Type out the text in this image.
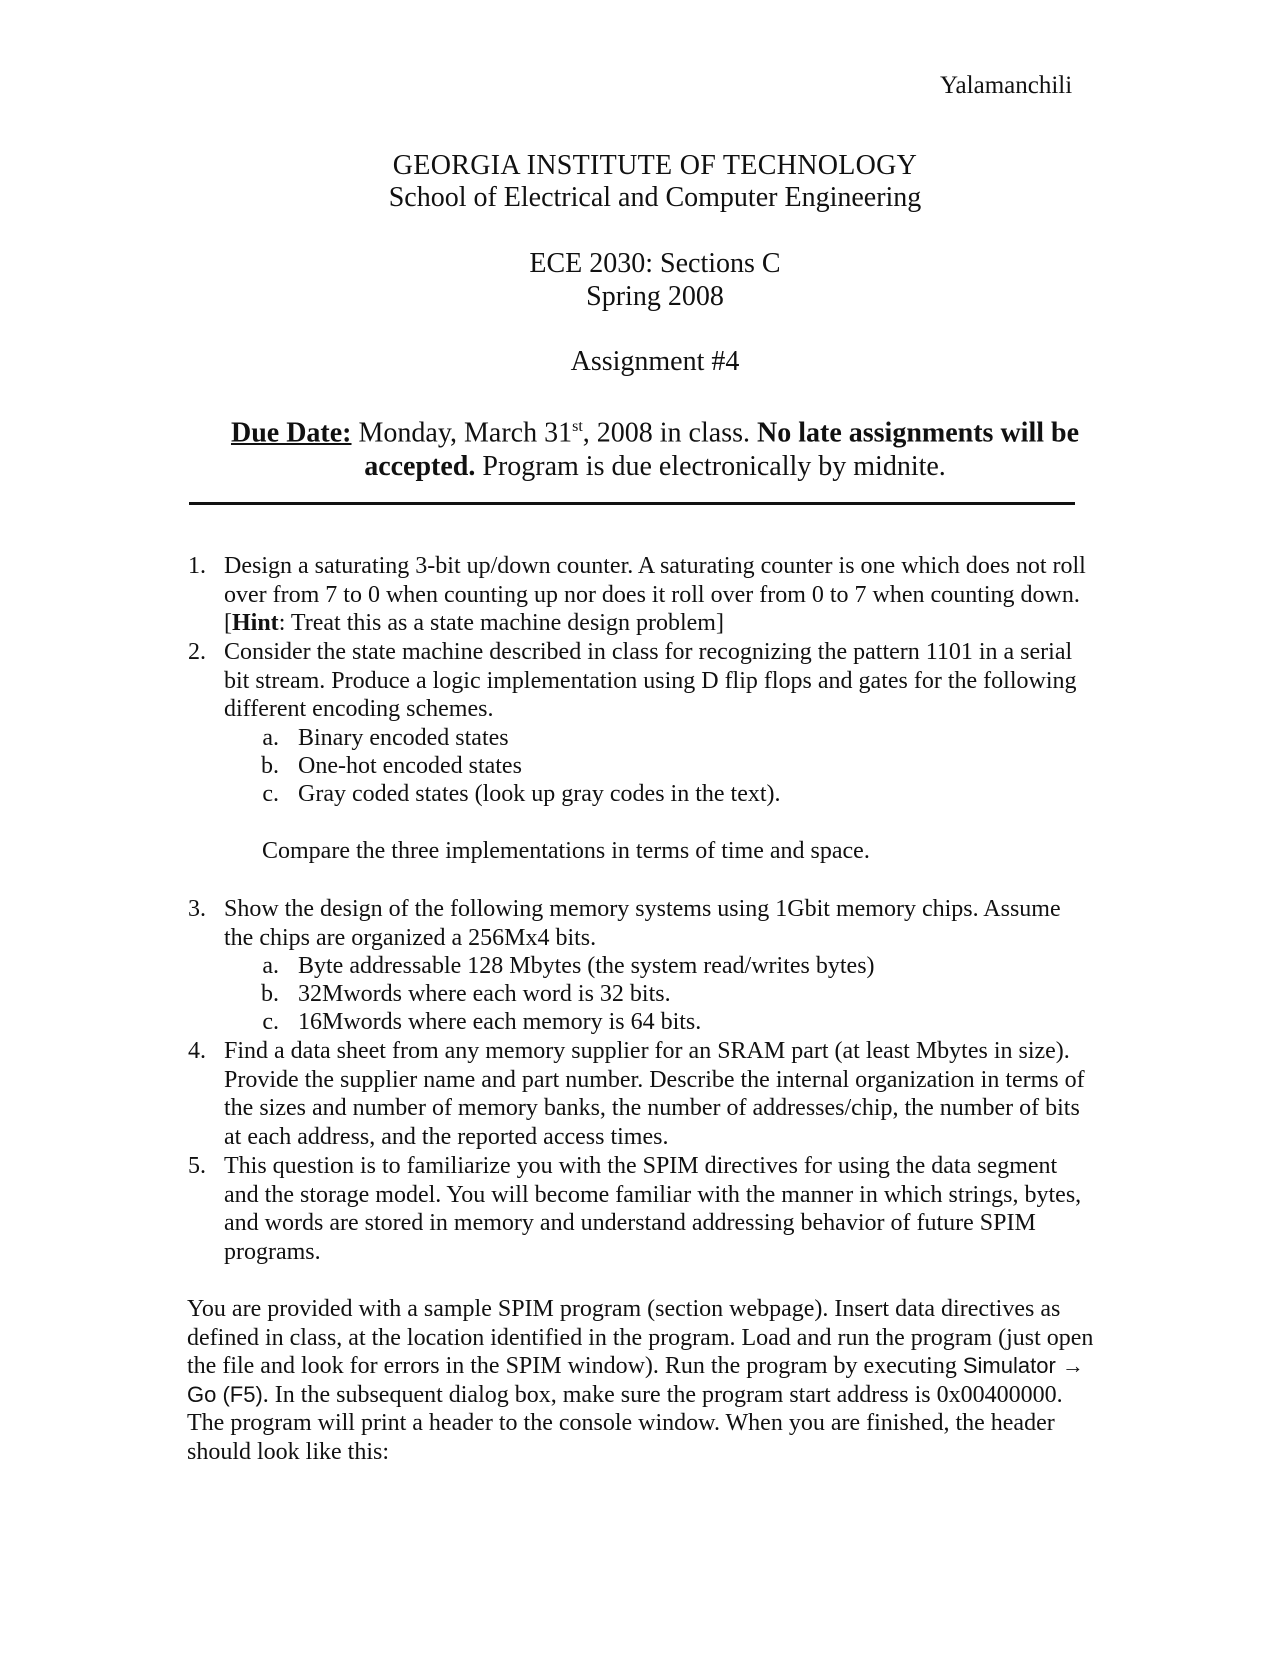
Yalamanchili
GEORGIA INSTITUTE OF TECHNOLOGY
School of Electrical and Computer Engineering
ECE 2030: Sections C
Spring 2008
Assignment #4
Due Date: Monday, March 31st, 2008 in class. No late assignments will be
accepted. Program is due electronically by midnite.
1. Design a saturating 3-bit up/down counter. A saturating counter is one which does not roll
over from 7 to 0 when counting up nor does it roll over from 0 to 7 when counting down.
[Hint: Treat this as a state machine design problem]
2. Consider the state machine described in class for recognizing the pattern 1101 in a serial
bit stream. Produce a logic implementation using D flip flops and gates for the following
different encoding schemes.
a. Binary encoded states
b. One-hot encoded states
c. Gray coded states (look up gray codes in the text).
Compare the three implementations in terms of time and space.
3. Show the design of the following memory systems using 1Gbit memory chips. Assume
the chips are organized a 256Mx4 bits.
a. Byte addressable 128 Mbytes (the system read/writes bytes)
b. 32Mwords where each word is 32 bits.
c. 16Mwords where each memory is 64 bits.
4. Find a data sheet from any memory supplier for an SRAM part (at least Mbytes in size).
Provide the supplier name and part number. Describe the internal organization in terms of
the sizes and number of memory banks, the number of addresses/chip, the number of bits
at each address, and the reported access times.
5. This question is to familiarize you with the SPIM directives for using the data segment
and the storage model. You will become familiar with the manner in which strings, bytes,
and words are stored in memory and understand addressing behavior of future SPIM
programs.
You are provided with a sample SPIM program (section webpage). Insert data directives as
defined in class, at the location identified in the program. Load and run the program (just open
the file and look for errors in the SPIM window). Run the program by executing Simulator →
Go (F5). In the subsequent dialog box, make sure the program start address is 0x00400000.
The program will print a header to the console window. When you are finished, the header
should look like this:
